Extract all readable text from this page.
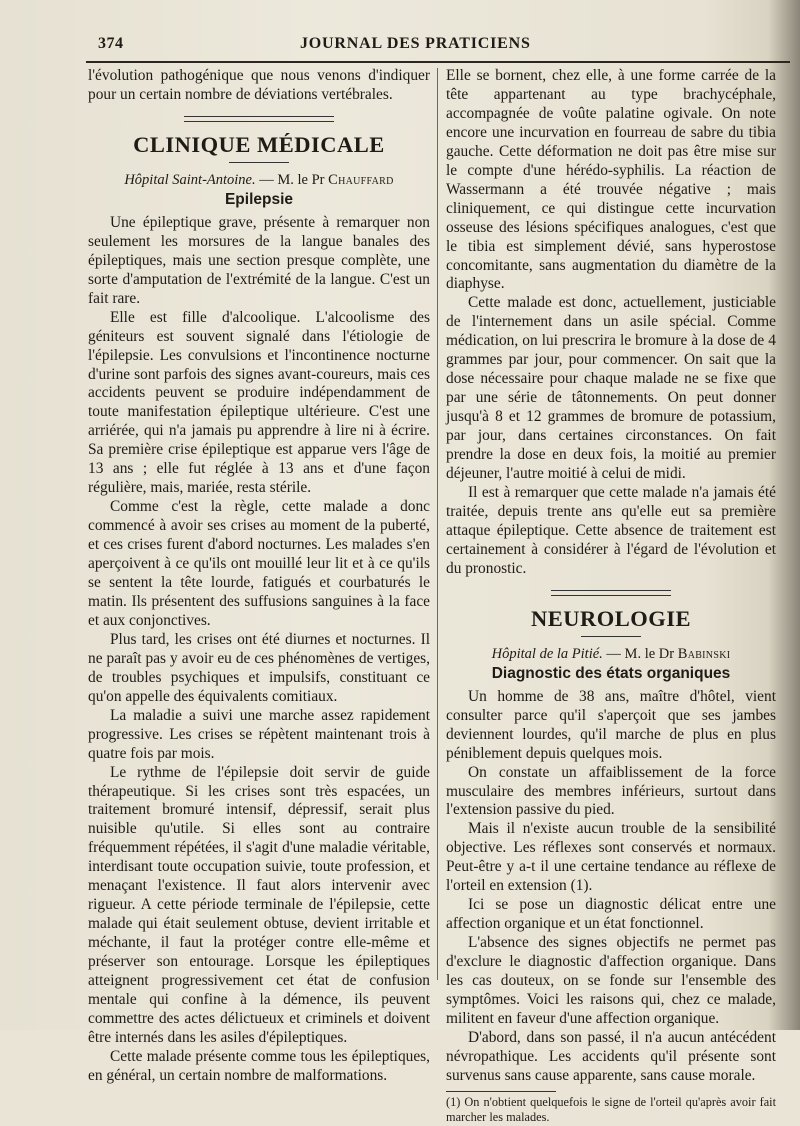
374	JOURNAL DES PRATICIENS

l'évolution pathogénique que nous venons d'indiquer pour un certain nombre de déviations vertébrales.

CLINIQUE MÉDICALE
Hôpital Saint-Antoine. — M. le Pr Chauffard
Epilepsie

Une épileptique grave, présente à remarquer non seulement les morsures de la langue banales des épileptiques, mais une section presque complète, une sorte d'amputation de l'extrémité de la langue. C'est un fait rare.

Elle est fille d'alcoolique. L'alcoolisme des géniteurs est souvent signalé dans l'étiologie de l'épilepsie. Les convulsions et l'incontinence nocturne d'urine sont parfois des signes avant-coureurs, mais ces accidents peuvent se produire indépendamment de toute manifestation épileptique ultérieure. C'est une arriérée, qui n'a jamais pu apprendre à lire ni à écrire. Sa première crise épileptique est apparue vers l'âge de 13 ans ; elle fut réglée à 13 ans et d'une façon régulière, mais, mariée, resta stérile.

Comme c'est la règle, cette malade a donc commencé à avoir ses crises au moment de la puberté, et ces crises furent d'abord nocturnes. Les malades s'en aperçoivent à ce qu'ils ont mouillé leur lit et à ce qu'ils se sentent la tête lourde, fatigués et courbaturés le matin. Ils présentent des suffusions sanguines à la face et aux conjonctives.

Plus tard, les crises ont été diurnes et nocturnes. Il ne paraît pas y avoir eu de ces phénomènes de vertiges, de troubles psychiques et impulsifs, constituant ce qu'on appelle des équivalents comitiaux.

La maladie a suivi une marche assez rapidement progressive. Les crises se répètent maintenant trois à quatre fois par mois.

Le rythme de l'épilepsie doit servir de guide thérapeutique. Si les crises sont très espacées, un traitement bromuré intensif, dépressif, serait plus nuisible qu'utile. Si elles sont au contraire fréquemment répétées, il s'agit d'une maladie véritable, interdisant toute occupation suivie, toute profession, et menaçant l'existence. Il faut alors intervenir avec rigueur. A cette période terminale de l'épilepsie, cette malade qui était seulement obtuse, devient irritable et méchante, il faut la protéger contre elle-même et préserver son entourage. Lorsque les épileptiques atteignent progressivement cet état de confusion mentale qui confine à la démence, ils peuvent commettre des actes délictueux et criminels et doivent être internés dans les asiles d'épileptiques.

Cette malade présente comme tous les épileptiques, en général, un certain nombre de malformations.

Elle se bornent, chez elle, à une forme carrée de la tête appartenant au type brachycéphale, accompagnée de voûte palatine ogivale. On note encore une incurvation en fourreau de sabre du tibia gauche. Cette déformation ne doit pas être mise sur le compte d'une hérédo-syphilis. La réaction de Wassermann a été trouvée négative ; mais cliniquement, ce qui distingue cette incurvation osseuse des lésions spécifiques analogues, c'est que le tibia est simplement dévié, sans hyperostose concomitante, sans augmentation du diamètre de la diaphyse.

Cette malade est donc, actuellement, justiciable de l'internement dans un asile spécial. Comme médication, on lui prescrira le bromure à la dose de 4 grammes par jour, pour commencer. On sait que la dose nécessaire pour chaque malade ne se fixe que par une série de tâtonnements. On peut donner jusqu'à 8 et 12 grammes de bromure de potassium, par jour, dans certaines circonstances. On fait prendre la dose en deux fois, la moitié au premier déjeuner, l'autre moitié à celui de midi.

Il est à remarquer que cette malade n'a jamais été traitée, depuis trente ans qu'elle eut sa première attaque épileptique. Cette absence de traitement est certainement à considérer à l'égard de l'évolution et du pronostic.

NEUROLOGIE
Hôpital de la Pitié. — M. le Dr Babinski
Diagnostic des états organiques

Un homme de 38 ans, maître d'hôtel, vient consulter parce qu'il s'aperçoit que ses jambes deviennent lourdes, qu'il marche de plus en plus péniblement depuis quelques mois.

On constate un affaiblissement de la force musculaire des membres inférieurs, surtout dans l'extension passive du pied.

Mais il n'existe aucun trouble de la sensibilité objective. Les réflexes sont conservés et normaux. Peut-être y a-t il une certaine tendance au réflexe de l'orteil en extension (1).

Ici se pose un diagnostic délicat entre une affection organique et un état fonctionnel.

L'absence des signes objectifs ne permet pas d'exclure le diagnostic d'affection organique. Dans les cas douteux, on se fonde sur l'ensemble des symptômes. Voici les raisons qui, chez ce malade, militent en faveur d'une affection organique.

D'abord, dans son passé, il n'a aucun antécédent névropathique. Les accidents qu'il présente sont survenus sans cause apparente, sans cause morale.

(1) On n'obtient quelquefois le signe de l'orteil qu'après avoir fait marcher les malades.
